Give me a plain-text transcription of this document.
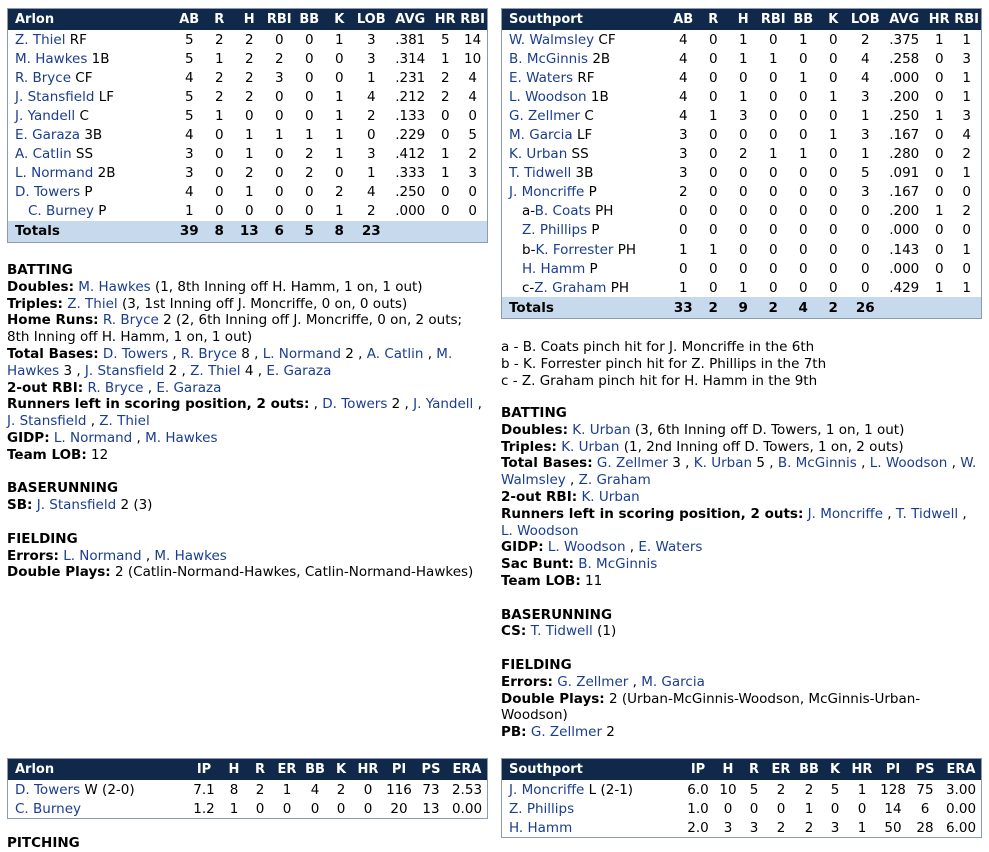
Arlon	AB	R	H	RBI	BB	K	LOB	AVG	HR	RBI
Z. Thiel RF	5	2	2	0	0	1	3	.381	5	14
M. Hawkes 1B	5	1	2	2	0	0	3	.314	1	10
R. Bryce CF	4	2	2	3	0	0	1	.231	2	4
J. Stansfield LF	5	2	2	0	0	1	4	.212	2	4
J. Yandell C	5	1	0	0	0	1	2	.133	0	0
E. Garaza 3B	4	0	1	1	1	1	0	.229	0	5
A. Catlin SS	3	0	1	0	2	1	3	.412	1	2
L. Normand 2B	3	0	2	0	2	0	1	.333	1	3
D. Towers P	4	0	1	0	0	2	4	.250	0	0
C. Burney P	1	0	0	0	0	1	2	.000	0	0
Totals	39	8	13	6	5	8	23			
Southport	AB	R	H	RBI	BB	K	LOB	AVG	HR	RBI
W. Walmsley CF	4	0	1	0	1	0	2	.375	1	1
B. McGinnis 2B	4	0	1	1	0	0	4	.258	0	3
E. Waters RF	4	0	0	0	1	0	4	.000	0	1
L. Woodson 1B	4	0	1	0	0	1	3	.200	0	1
G. Zellmer C	4	1	3	0	0	0	1	.250	1	3
M. Garcia LF	3	0	0	0	0	1	3	.167	0	4
K. Urban SS	3	0	2	1	1	0	1	.280	0	2
T. Tidwell 3B	3	0	0	0	0	0	5	.091	0	1
J. Moncriffe P	2	0	0	0	0	0	3	.167	0	0
a-B. Coats PH	0	0	0	0	0	0	0	.200	1	2
Z. Phillips P	0	0	0	0	0	0	0	.000	0	0
b-K. Forrester PH	1	1	0	0	0	0	0	.143	0	1
H. Hamm P	0	0	0	0	0	0	0	.000	0	0
c-Z. Graham PH	1	0	1	0	0	0	0	.429	1	1
Totals	33	2	9	2	4	2	26			
BATTING
Doubles: M. Hawkes (1, 8th Inning off H. Hamm, 1 on, 1 out)
Triples: Z. Thiel (3, 1st Inning off J. Moncriffe, 0 on, 0 outs)
Home Runs: R. Bryce 2 (2, 6th Inning off J. Moncriffe, 0 on, 2 outs; 8th Inning off H. Hamm, 1 on, 1 out)
Total Bases: D. Towers , R. Bryce 8 , L. Normand 2 , A. Catlin , M. Hawkes 3 , J. Stansfield 2 , Z. Thiel 4 , E. Garaza
2-out RBI: R. Bryce , E. Garaza
Runners left in scoring position, 2 outs: , D. Towers 2 , J. Yandell , J. Stansfield , Z. Thiel
GIDP: L. Normand , M. Hawkes
Team LOB: 12
BASERUNNING
SB: J. Stansfield 2 (3)
FIELDING
Errors: L. Normand , M. Hawkes
Double Plays: 2 (Catlin-Normand-Hawkes, Catlin-Normand-Hawkes)
a - B. Coats pinch hit for J. Moncriffe in the 6th
b - K. Forrester pinch hit for Z. Phillips in the 7th
c - Z. Graham pinch hit for H. Hamm in the 9th
BATTING
Doubles: K. Urban (3, 6th Inning off D. Towers, 1 on, 1 out)
Triples: K. Urban (1, 2nd Inning off D. Towers, 1 on, 2 outs)
Total Bases: G. Zellmer 3 , K. Urban 5 , B. McGinnis , L. Woodson , W. Walmsley , Z. Graham
2-out RBI: K. Urban
Runners left in scoring position, 2 outs: J. Moncriffe , T. Tidwell , L. Woodson
GIDP: L. Woodson , E. Waters
Sac Bunt: B. McGinnis
Team LOB: 11
BASERUNNING
CS: T. Tidwell (1)
FIELDING
Errors: G. Zellmer , M. Garcia
Double Plays: 2 (Urban-McGinnis-Woodson, McGinnis-Urban-Woodson)
PB: G. Zellmer 2
Arlon	IP	H	R	ER	BB	K	HR	PI	PS	ERA
D. Towers W (2-0)	7.1	8	2	1	4	2	0	116	73	2.53
C. Burney	1.2	1	0	0	0	0	0	20	13	0.00
Southport	IP	H	R	ER	BB	K	HR	PI	PS	ERA
J. Moncriffe L (2-1)	6.0	10	5	2	2	5	1	128	75	3.00
Z. Phillips	1.0	0	0	0	1	0	0	14	6	0.00
H. Hamm	2.0	3	3	2	2	3	1	50	28	6.00
PITCHING
